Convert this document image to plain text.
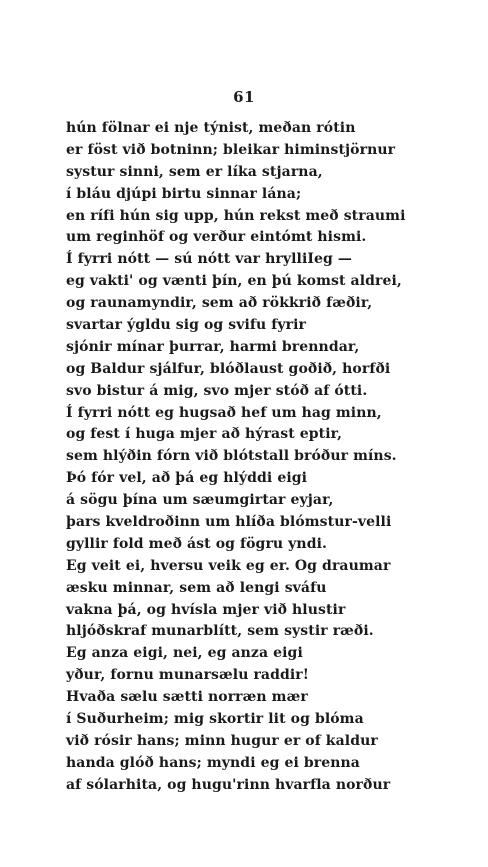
61
hún fölnar ei nje týnist, meðan rótin
er föst við botninn; bleikar himinstjörnur
systur sinni, sem er líka stjarna,
í bláu djúpi birtu sinnar lána;
en rífi hún sig upp, hún rekst með straumi
um reginhöf og verður eintómt hismi.
Í fyrri nótt — sú nótt var hrylliIeg —
eg vakti' og vænti þín, en þú komst aldrei,
og raunamyndir, sem að rökkrið fæðir,
svartar ýgldu sig og svifu fyrir
sjónir mínar þurrar, harmi brenndar,
og Baldur sjálfur, blóðlaust goðið, horfði
svo bistur á mig, svo mjer stóð af ótti.
Í fyrri nótt eg hugsað hef um hag minn,
og fest í huga mjer að hýrast eptir,
sem hlýðin fórn við blótstall bróður míns.
Þó fór vel, að þá eg hlýddi eigi
á sögu þína um sæumgirtar eyjar,
þars kveldroðinn um hlíða blómstur-velli
gyllir fold með ást og fögru yndi.
Eg veit ei, hversu veik eg er. Og draumar
æsku minnar, sem að lengi sváfu
vakna þá, og hvísla mjer við hlustir
hljóðskraf munarblítt, sem systir ræði.
Eg anza eigi, nei, eg anza eigi
yður, fornu munarsælu raddir!
Hvaða sælu sætti norræn mær
í Suðurheim; mig skortir lit og blóma
við rósir hans; minn hugur er of kaldur
handa glóð hans; myndi eg ei brenna
af sólarhita, og hugu'rinn hvarfla norður
